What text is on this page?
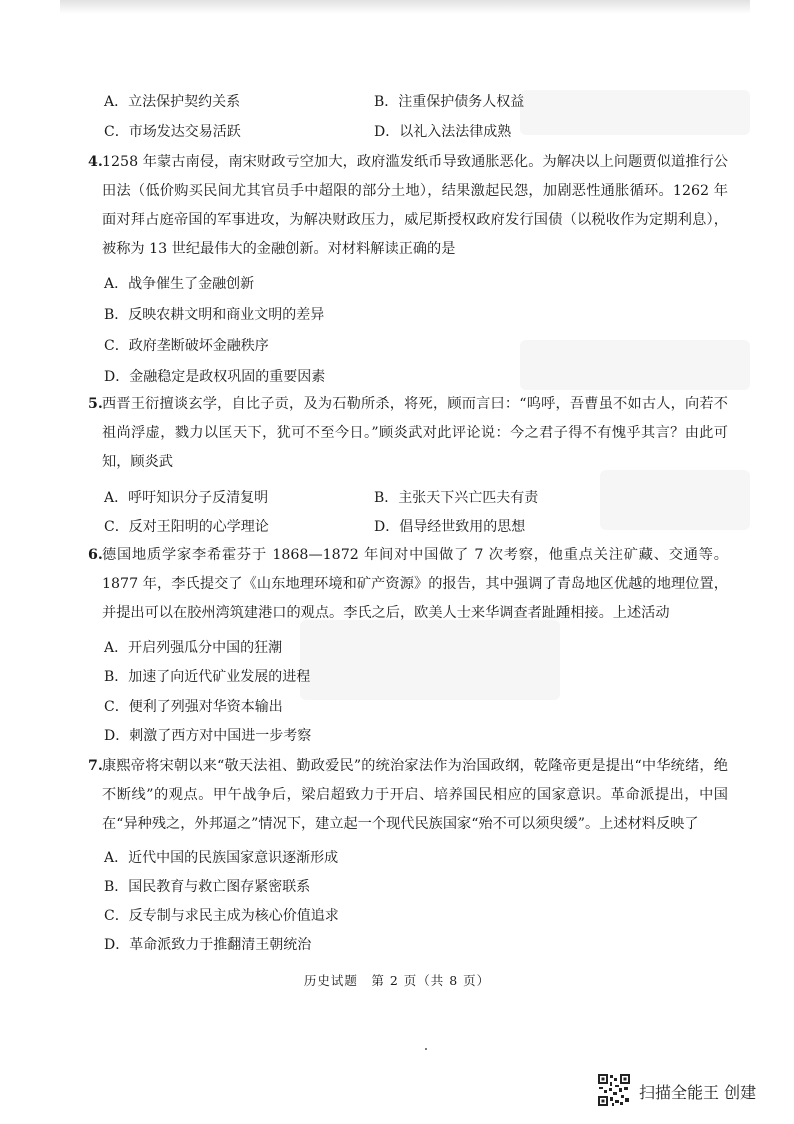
A．立法保护契约关系	B．注重保护债务人权益
C．市场发达交易活跃	D．以礼入法法律成熟
4. 1258 年蒙古南侵，南宋财政亏空加大，政府滥发纸币导致通胀恶化。为解决以上问题贾似道推行公田法（低价购买民间尤其官员手中超限的部分土地），结果激起民怨，加剧恶性通胀循环。1262 年面对拜占庭帝国的军事进攻，为解决财政压力，威尼斯授权政府发行国债（以税收作为定期利息），被称为 13 世纪最伟大的金融创新。对材料解读正确的是
A．战争催生了金融创新
B．反映农耕文明和商业文明的差异
C．政府垄断破坏金融秩序
D．金融稳定是政权巩固的重要因素
5. 西晋王衍擅谈玄学，自比子贡，及为石勒所杀，将死，顾而言曰：“呜呼，吾曹虽不如古人，向若不祖尚浮虚，戮力以匡天下，犹可不至今日。”顾炎武对此评论说：今之君子得不有愧乎其言？由此可知，顾炎武
A．呼吁知识分子反清复明	B．主张天下兴亡匹夫有责
C．反对王阳明的心学理论	D．倡导经世致用的思想
6. 德国地质学家李希霍芬于 1868—1872 年间对中国做了 7 次考察，他重点关注矿藏、交通等。1877 年，李氏提交了《山东地理环境和矿产资源》的报告，其中强调了青岛地区优越的地理位置，并提出可以在胶州湾筑建港口的观点。李氏之后，欧美人士来华调查者趾踵相接。上述活动
A．开启列强瓜分中国的狂潮
B．加速了向近代矿业发展的进程
C．便利了列强对华资本输出
D．刺激了西方对中国进一步考察
7. 康熙帝将宋朝以来“敬天法祖、勤政爱民”的统治家法作为治国政纲，乾隆帝更是提出“中华统绪，绝不断线”的观点。甲午战争后，梁启超致力于开启、培养国民相应的国家意识。革命派提出，中国在“异种残之，外邦逼之”情况下，建立起一个现代民族国家“殆不可以须臾缓”。上述材料反映了
A．近代中国的民族国家意识逐渐形成
B．国民教育与救亡图存紧密联系
C．反专制与求民主成为核心价值追求
D．革命派致力于推翻清王朝统治
历史试题　第 2 页（共 8 页）
扫描全能王 创建
